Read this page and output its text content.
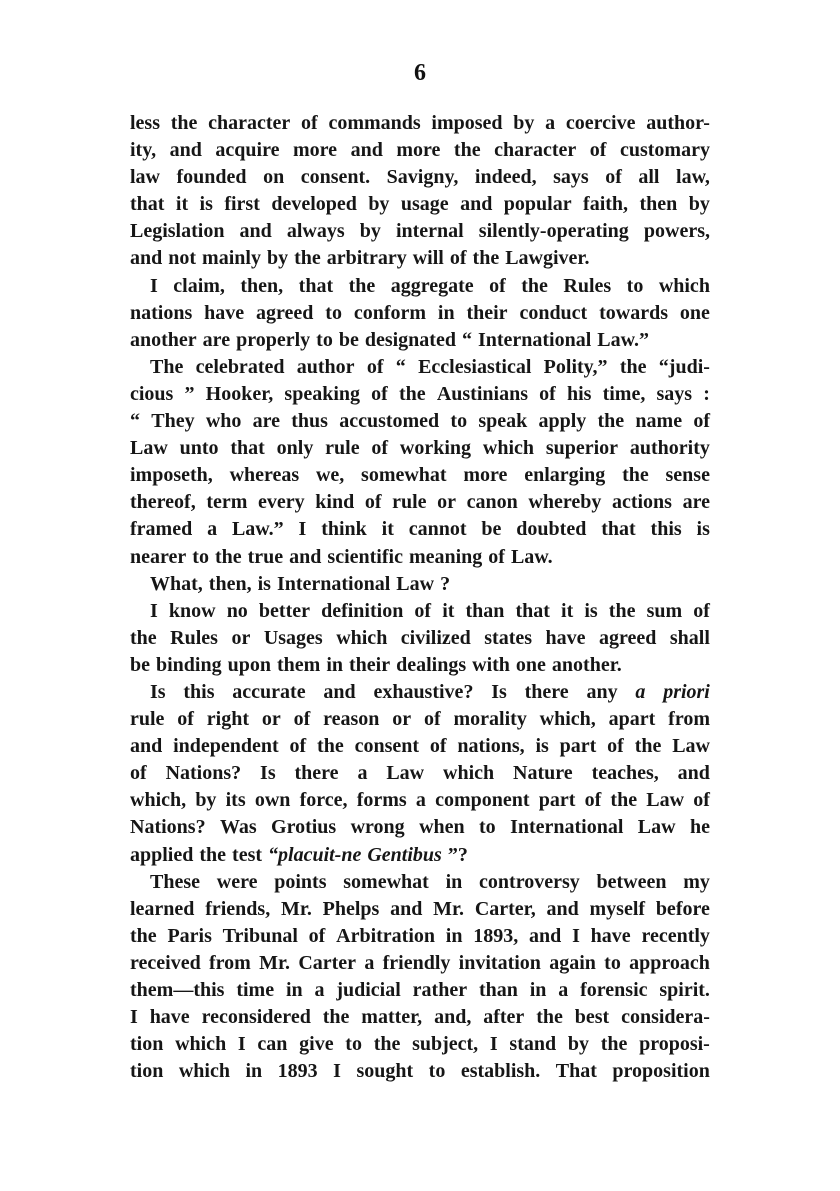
6
less the character of commands imposed by a coercive author-
ity, and acquire more and more the character of customary
law founded on consent. Savigny, indeed, says of all law,
that it is first developed by usage and popular faith, then by
Legislation and always by internal silently-operating powers,
and not mainly by the arbitrary will of the Lawgiver.
I claim, then, that the aggregate of the Rules to which
nations have agreed to conform in their conduct towards one
another are properly to be designated “ International Law.”
The celebrated author of “ Ecclesiastical Polity,” the “judi-
cious ” Hooker, speaking of the Austinians of his time, says :
“ They who are thus accustomed to speak apply the name of
Law unto that only rule of working which superior authority
imposeth, whereas we, somewhat more enlarging the sense
thereof, term every kind of rule or canon whereby actions are
framed a Law.” I think it cannot be doubted that this is
nearer to the true and scientific meaning of Law.
What, then, is International Law ?
I know no better definition of it than that it is the sum of
the Rules or Usages which civilized states have agreed shall
be binding upon them in their dealings with one another.
Is this accurate and exhaustive? Is there any a priori
rule of right or of reason or of morality which, apart from
and independent of the consent of nations, is part of the Law
of Nations? Is there a Law which Nature teaches, and
which, by its own force, forms a component part of the Law of
Nations? Was Grotius wrong when to International Law he
applied the test “placuit-ne Gentibus ”?
These were points somewhat in controversy between my
learned friends, Mr. Phelps and Mr. Carter, and myself before
the Paris Tribunal of Arbitration in 1893, and I have recently
received from Mr. Carter a friendly invitation again to approach
them—this time in a judicial rather than in a forensic spirit.
I have reconsidered the matter, and, after the best considera-
tion which I can give to the subject, I stand by the proposi-
tion which in 1893 I sought to establish. That proposition
